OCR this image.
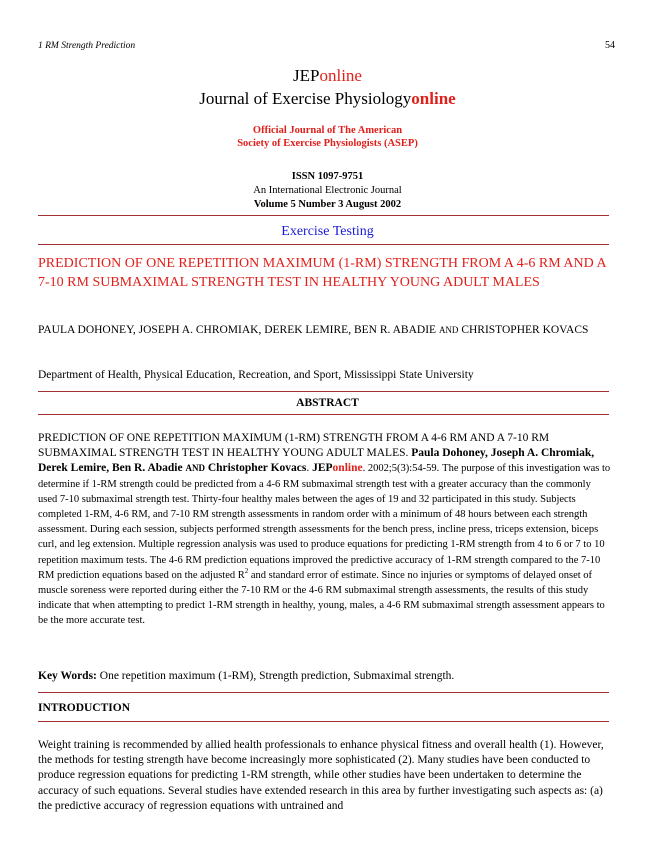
1 RM Strength Prediction	54
JEPonline
Journal of Exercise Physiologyonline
Official Journal of The American
Society of Exercise Physiologists (ASEP)
ISSN 1097-9751
An International Electronic Journal
Volume 5 Number 3 August 2002
Exercise Testing
PREDICTION OF ONE REPETITION MAXIMUM (1-RM) STRENGTH FROM A 4-6 RM AND A 7-10 RM SUBMAXIMAL STRENGTH TEST IN HEALTHY YOUNG ADULT MALES
PAULA DOHONEY, JOSEPH A. CHROMIAK, DEREK LEMIRE, BEN R. ABADIE AND CHRISTOPHER KOVACS
Department of Health, Physical Education, Recreation, and Sport, Mississippi State University
ABSTRACT
PREDICTION OF ONE REPETITION MAXIMUM (1-RM) STRENGTH FROM A 4-6 RM AND A 7-10 RM SUBMAXIMAL STRENGTH TEST IN HEALTHY YOUNG ADULT MALES. Paula Dohoney, Joseph A. Chromiak, Derek Lemire, Ben R. Abadie AND Christopher Kovacs. JEPonline. 2002;5(3):54-59. The purpose of this investigation was to determine if 1-RM strength could be predicted from a 4-6 RM submaximal strength test with a greater accuracy than the commonly used 7-10 submaximal strength test. Thirty-four healthy males between the ages of 19 and 32 participated in this study. Subjects completed 1-RM, 4-6 RM, and 7-10 RM strength assessments in random order with a minimum of 48 hours between each strength assessment. During each session, subjects performed strength assessments for the bench press, incline press, triceps extension, biceps curl, and leg extension. Multiple regression analysis was used to produce equations for predicting 1-RM strength from 4 to 6 or 7 to 10 repetition maximum tests. The 4-6 RM prediction equations improved the predictive accuracy of 1-RM strength compared to the 7-10 RM prediction equations based on the adjusted $R^2$ and standard error of estimate. Since no injuries or symptoms of delayed onset of muscle soreness were reported during either the 7-10 RM or the 4-6 RM submaximal strength assessments, the results of this study indicate that when attempting to predict 1-RM strength in healthy, young, males, a 4-6 RM submaximal strength assessment appears to be the more accurate test.
Key Words: One repetition maximum (1-RM), Strength prediction, Submaximal strength.
INTRODUCTION
Weight training is recommended by allied health professionals to enhance physical fitness and overall health (1). However, the methods for testing strength have become increasingly more sophisticated (2). Many studies have been conducted to produce regression equations for predicting 1-RM strength, while other studies have been undertaken to determine the accuracy of such equations. Several studies have extended research in this area by further investigating such aspects as: (a) the predictive accuracy of regression equations with untrained and
